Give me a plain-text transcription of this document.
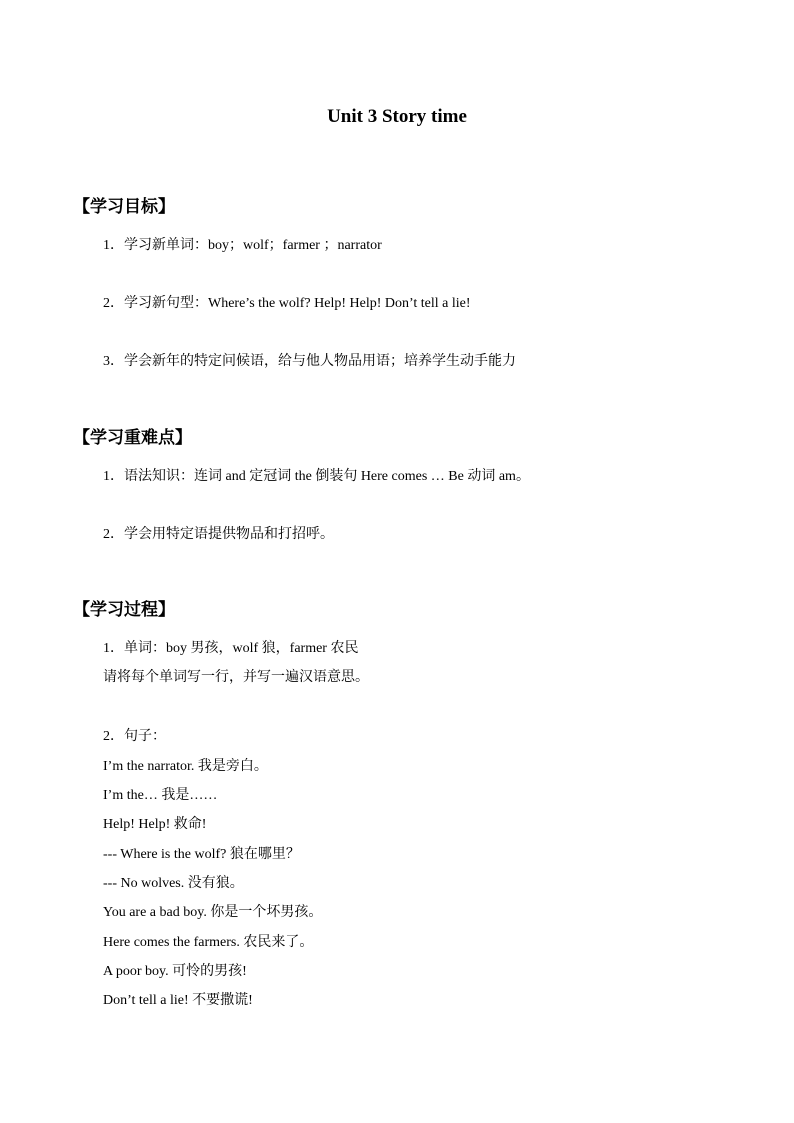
Unit 3 Story time
【学习目标】
1．学习新单词：boy；wolf；farmer ；narrator
2．学习新句型：Where’s the wolf? Help! Help! Don’t tell a lie!
3．学会新年的特定问候语，给与他人物品用语；培养学生动手能力
【学习重难点】
1．语法知识：连词 and 定冠词 the 倒装句 Here comes … Be 动词 am。
2．学会用特定语提供物品和打招呼。
【学习过程】
1．单词：boy 男孩，wolf 狼，farmer 农民
请将每个单词写一行，并写一遍汉语意思。
2．句子：
I’m the narrator. 我是旁白。
I’m the… 我是……
Help! Help! 救命!
--- Where is the wolf? 狼在哪里？
--- No wolves. 没有狼。
You are a bad boy. 你是一个坏男孩。
Here comes the farmers. 农民来了。
A poor boy. 可怜的男孩!
Don’t tell a lie! 不要撒谎!
